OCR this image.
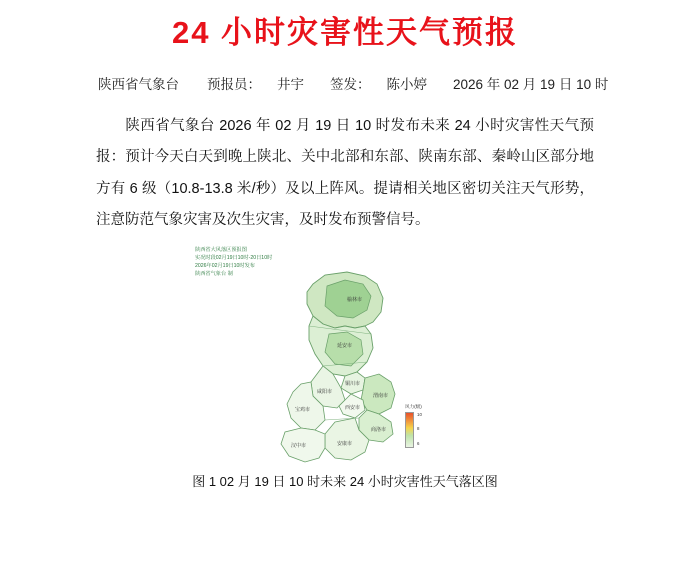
24 小时灾害性天气预报
陕西省气象台 预报员： 井宇 签发： 陈小婷 2026 年 02 月 19 日 10 时
陕西省气象台 2026 年 02 月 19 日 10 时发布未来 24 小时灾害性天气预报：预计今天白天到晚上陕北、关中北部和东部、陕南东部、秦岭山区部分地方有 6 级（10.8-13.8 米/秒）及以上阵风。提请相关地区密切关注天气形势，注意防范气象灾害及次生灾害，及时发布预警信号。
陕西省大风落区预报图
实况时段02月19日10时-20日10时
2026年02月19日10时发布
陕西省气象台 制
榆林市
延安市
铜川市
宝鸡市
咸阳市
西安市
渭南市
汉中市	安康市
商洛市
风力(级)
10
8
6
图 1 02 月 19 日 10 时未来 24 小时灾害性天气落区图
